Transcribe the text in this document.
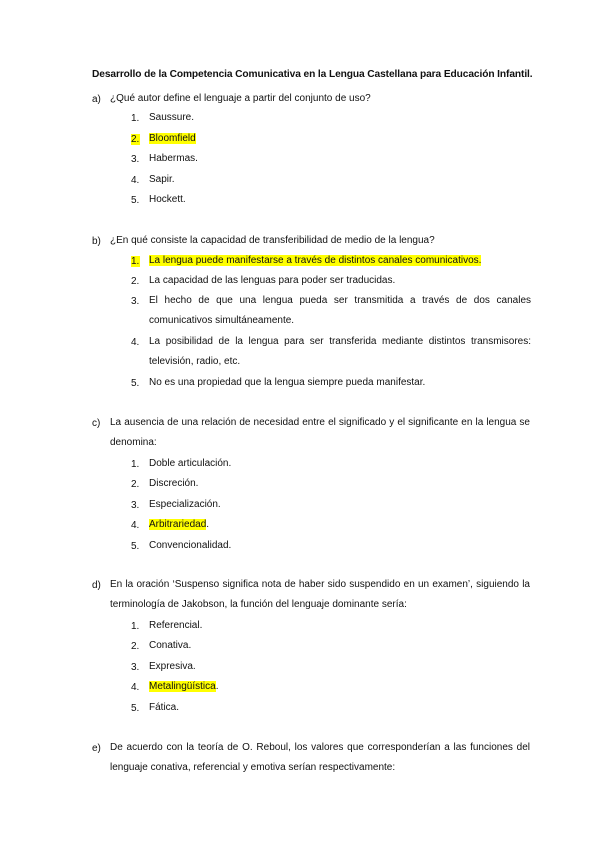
Desarrollo de la Competencia Comunicativa en la Lengua Castellana para Educación Infantil.
a) ¿Qué autor define el lenguaje a partir del conjunto de uso?
1. Saussure.
2. Bloomfield
3. Habermas.
4. Sapir.
5. Hockett.
b) ¿En qué consiste la capacidad de transferibilidad de medio de la lengua?
1. La lengua puede manifestarse a través de distintos canales comunicativos.
2. La capacidad de las lenguas para poder ser traducidas.
3. El hecho de que una lengua pueda ser transmitida a través de dos canales comunicativos simultáneamente.
4. La posibilidad de la lengua para ser transferida mediante distintos transmisores: televisión, radio, etc.
5. No es una propiedad que la lengua siempre pueda manifestar.
c) La ausencia de una relación de necesidad entre el significado y el significante en la lengua se denomina:
1. Doble articulación.
2. Discreción.
3. Especialización.
4. Arbitrariedad.
5. Convencionalidad.
d) En la oración ‘Suspenso significa nota de haber sido suspendido en un examen’, siguiendo la terminología de Jakobson, la función del lenguaje dominante sería:
1. Referencial.
2. Conativa.
3. Expresiva.
4. Metalingüística.
5. Fática.
e) De acuerdo con la teoría de O. Reboul, los valores que corresponderían a las funciones del lenguaje conativa, referencial y emotiva serían respectivamente:
